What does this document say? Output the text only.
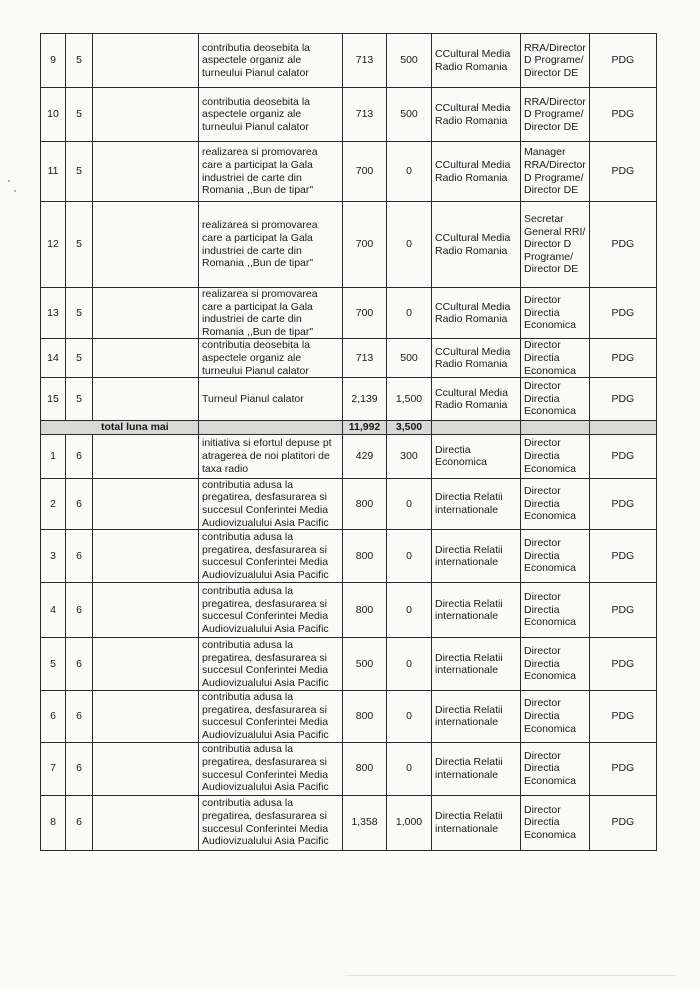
9	5		contributia deosebita la aspectele organiz ale turneului Pianul calator	713	500	CCultural Media Radio Romania	RRA/Director D Programe/ Director DE	PDG
10	5		contributia deosebita la aspectele organiz ale turneului Pianul calator	713	500	CCultural Media Radio Romania	RRA/Director D Programe/ Director DE	PDG
11	5		realizarea si promovarea care a participat la Gala industriei de carte din Romania ,,Bun de tipar"	700	0	CCultural Media Radio Romania	Manager RRA/Director D Programe/ Director DE	PDG
12	5		realizarea si promovarea care a participat la Gala industriei de carte din Romania ,,Bun de tipar"	700	0	CCultural Media Radio Romania	Secretar General RRI/ Director D Programe/ Director DE	PDG
13	5		realizarea si promovarea care a participat la Gala industriei de carte din Romania ,,Bun de tipar"	700	0	CCultural Media Radio Romania	Director Directia Economica	PDG
14	5		contributia deosebita la aspectele organiz ale turneului Pianul calator	713	500	CCultural Media Radio Romania	Director Directia Economica	PDG
15	5		Turneul Pianul calator	2,139	1,500	Ccultural Media Radio Romania	Director Directia Economica	PDG
total luna mai				11,992	3,500			
1	6		initiativa si efortul depuse pt atragerea de noi platitori de taxa radio	429	300	Directia Economica	Director Directia Economica	PDG
2	6		contributia adusa la pregatirea, desfasurarea si succesul Conferintei Media Audiovizualului Asia Pacific	800	0	Directia Relatii internationale	Director Directia Economica	PDG
3	6		contributia adusa la pregatirea, desfasurarea si succesul Conferintei Media Audiovizualului Asia Pacific	800	0	Directia Relatii internationale	Director Directia Economica	PDG
4	6		contributia adusa la pregatirea, desfasurarea si succesul Conferintei Media Audiovizualului Asia Pacific	800	0	Directia Relatii internationale	Director Directia Economica	PDG
5	6		contributia adusa la pregatirea, desfasurarea si succesul Conferintei Media Audiovizualului Asia Pacific	500	0	Directia Relatii internationale	Director Directia Economica	PDG
6	6		contributia adusa la pregatirea, desfasurarea si succesul Conferintei Media Audiovizualului Asia Pacific	800	0	Directia Relatii internationale	Director Directia Economica	PDG
7	6		contributia adusa la pregatirea, desfasurarea si succesul Conferintei Media Audiovizualului Asia Pacific	800	0	Directia Relatii internationale	Director Directia Economica	PDG
8	6		contributia adusa la pregatirea, desfasurarea si succesul Conferintei Media Audiovizualului Asia Pacific	1,358	1,000	Directia Relatii internationale	Director Directia Economica	PDG
